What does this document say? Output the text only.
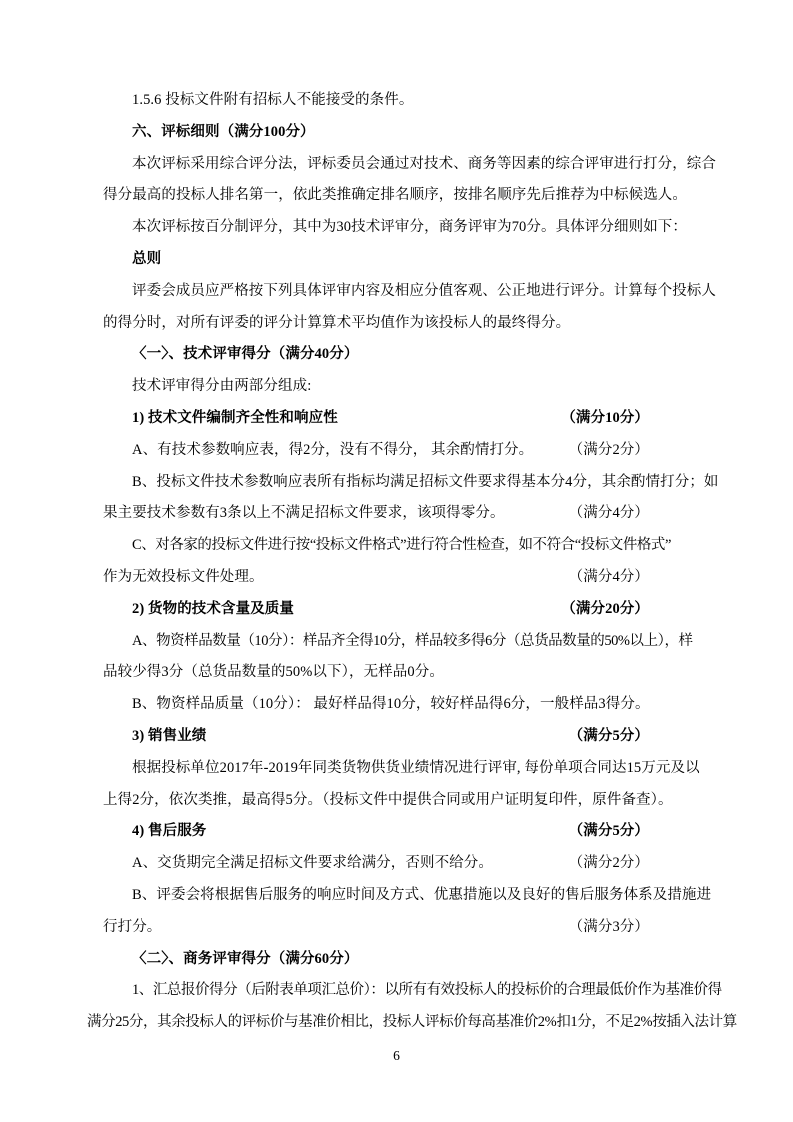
1.5.6 投标文件附有招标人不能接受的条件。
六、评标细则（满分100分）
本次评标采用综合评分法，评标委员会通过对技术、商务等因素的综合评审进行打分，综合
得分最高的投标人排名第一，依此类推确定排名顺序，按排名顺序先后推荐为中标候选人。
本次评标按百分制评分，其中为30技术评审分，商务评审为70分。具体评分细则如下：
总则
评委会成员应严格按下列具体评审内容及相应分值客观、公正地进行评分。计算每个投标人
的得分时，对所有评委的评分计算算术平均值作为该投标人的最终得分。
〈一〉、技术评审得分（满分40分）
技术评审得分由两部分组成:
1) 技术文件编制齐全性和响应性	（满分10分）
A、有技术参数响应表，得2分，没有不得分， 其余酌情打分。 （满分2分）
B、投标文件技术参数响应表所有指标均满足招标文件要求得基本分4分，其余酌情打分；如
果主要技术参数有3条以上不满足招标文件要求，该项得零分。	（满分4分）
C、对各家的投标文件进行按“投标文件格式”进行符合性检查，如不符合“投标文件格式”
作为无效投标文件处理。	（满分4分）
2) 货物的技术含量及质量	（满分20分）
A、物资样品数量（10分）：样品齐全得10分，样品较多得6分（总货品数量的50%以上），样
品较少得3分（总货品数量的50%以下），无样品0分。
B、物资样品质量（10分）： 最好样品得10分，较好样品得6分，一般样品3得分。
3) 销售业绩	（满分5分）
根据投标单位2017年-2019年同类货物供货业绩情况进行评审, 每份单项合同达15万元及以
上得2分，依次类推，最高得5分。（投标文件中提供合同或用户证明复印件，原件备查）。
4) 售后服务	（满分5分）
A、交货期完全满足招标文件要求给满分，否则不给分。	（满分2分）
B、评委会将根据售后服务的响应时间及方式、优惠措施以及良好的售后服务体系及措施进
行打分。	（满分3分）
〈二〉、商务评审得分（满分60分）
1、汇总报价得分（后附表单项汇总价）：以所有有效投标人的投标价的合理最低价作为基准价得
满分25分，其余投标人的评标价与基准价相比，投标人评标价每高基准价2%扣1分，不足2%按插入法计算
6
